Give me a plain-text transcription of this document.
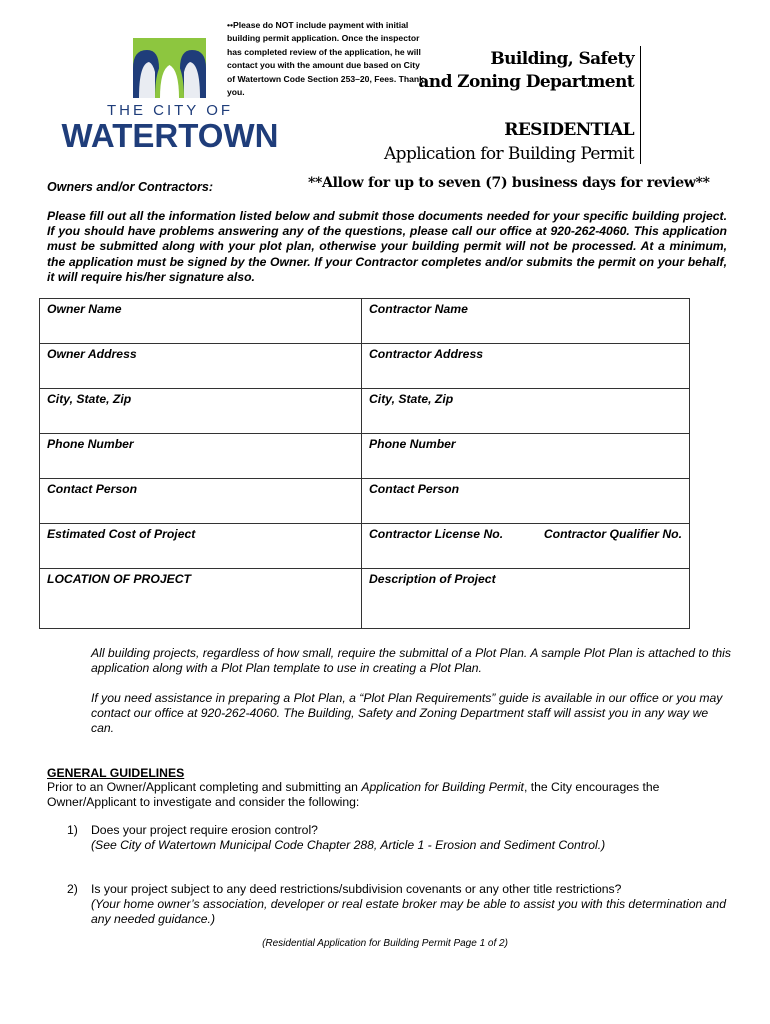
THE CITY OF
WATERTOWN
••Please do NOT include payment with initial building permit application. Once the inspector has completed review of the application, he will contact you with the amount due based on City of Watertown Code Section 253–20, Fees. Thank you.
Building, Safety
and Zoning Department
RESIDENTIAL
Application for Building Permit
Owners and/or Contractors:	**Allow for up to seven (7) business days for review**
Please fill out all the information listed below and submit those documents needed for your specific building project. If you should have problems answering any of the questions, please call our office at 920-262-4060. This application must be submitted along with your plot plan, otherwise your building permit will not be processed. At a minimum, the application must be signed by the Owner. If your Contractor completes and/or submits the permit on your behalf, it will require his/her signature also.
Owner Name	Contractor Name
Owner Address	Contractor Address
City, State, Zip	City, State, Zip
Phone Number	Phone Number
Contact Person	Contact Person
Estimated Cost of Project	Contractor License No. Contractor Qualifier No.

LOCATION OF PROJECT	Description of Project
All building projects, regardless of how small, require the submittal of a Plot Plan. A sample Plot Plan is attached to this application along with a Plot Plan template to use in creating a Plot Plan.
If you need assistance in preparing a Plot Plan, a “Plot Plan Requirements” guide is available in our office or you may contact our office at 920-262-4060. The Building, Safety and Zoning Department staff will assist you in any way we can.
GENERAL GUIDELINES
Prior to an Owner/Applicant completing and submitting an Application for Building Permit, the City encourages the Owner/Applicant to investigate and consider the following:
1) Does your project require erosion control?
(See City of Watertown Municipal Code Chapter 288, Article 1 - Erosion and Sediment Control.)
2) Is your project subject to any deed restrictions/subdivision covenants or any other title restrictions?
(Your home owner’s association, developer or real estate broker may be able to assist you with this determination and any needed guidance.)
(Residential Application for Building Permit Page 1 of 2)
